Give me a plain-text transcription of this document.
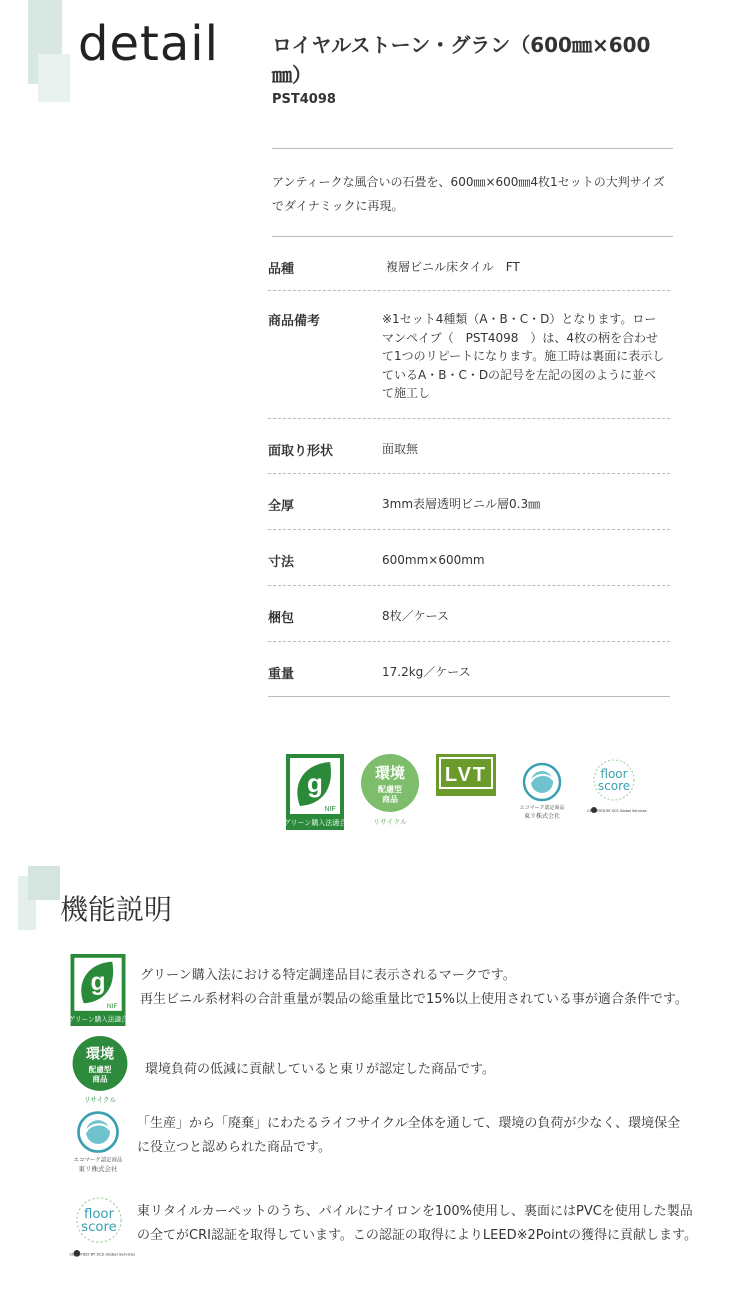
detail	ロイヤルストーン・グラン（600㎜×600㎜）
PST4098
アンティークな風合いの石畳を、600㎜×600㎜4枚1セットの大判サイズでダイナミックに再現。
品種	複層ビニル床タイル　FT
商品備考	※1セット4種類（A・B・C・D）となります。ローマンペイブ（　PST4098　）は、4枚の柄を合わせて1つのリピートになります。施工時は裏面に表示しているA・B・C・Dの記号を左記の図のように並べて施工し
面取り形状	面取無
全厚	3mm表層透明ビニル層0.3㎜
寸法	600mm×600mm
梱包	8枚／ケース
重量	17.2kg／ケース
g
NIF
グリーン購入法適合
環境
配慮型
商品
リサイクル
LVT
エコマーク認定商品
東リ株式会社
floor
score
CERTIFIED BY SCS Global Services
機能説明
g
NIF
グリーン購入法適合
グリーン購入法における特定調達品目に表示されるマークです。
再生ビニル系材料の合計重量が製品の総重量比で15%以上使用されている事が適合条件です。
環境
配慮型
商品
リサイクル
環境負荷の低減に貢献していると東リが認定した商品です。
エコマーク認定商品
東リ株式会社
「生産」から「廃棄」にわたるライフサイクル全体を通して、環境の負荷が少なく、環境保全
に役立つと認められた商品です。
floor
score
CERTIFIED BY SCS Global Services
東リタイルカーペットのうち、パイルにナイロンを100%使用し、裏面にはPVCを使用した製品
の全てがCRI認証を取得しています。この認証の取得によりLEED※2Pointの獲得に貢献します。
